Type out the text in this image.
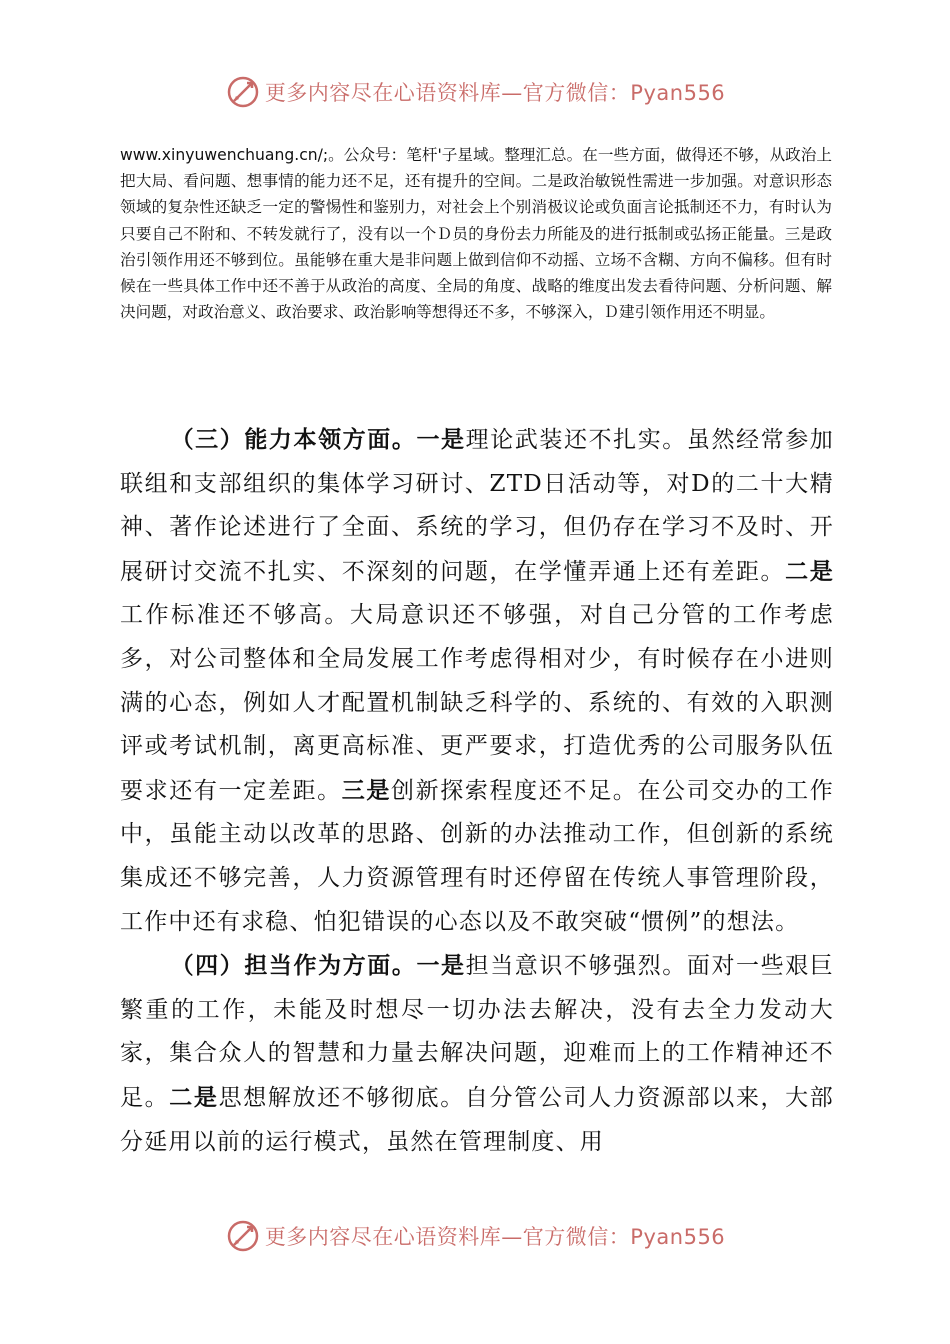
更多内容尽在心语资料库—官方微信：Pyan556
www.xinyuwenchuang.cn/;。公众号：笔杆'子星域。整理汇总。在一些方面，做得还不够，从政治上把大局、看问题、想事情的能力还不足，还有提升的空间。二是政治敏锐性需进一步加强。对意识形态领域的复杂性还缺乏一定的警惕性和鉴别力，对社会上个别消极议论或负面言论抵制还不力，有时认为只要自己不附和、不转发就行了，没有以一个Ｄ员的身份去力所能及的进行抵制或弘扬正能量。三是政治引领作用还不够到位。虽能够在重大是非问题上做到信仰不动摇、立场不含糊、方向不偏移。但有时候在一些具体工作中还不善于从政治的高度、全局的角度、战略的维度出发去看待问题、分析问题、解决问题，对政治意义、政治要求、政治影响等想得还不多，不够深入，Ｄ建引领作用还不明显。

（三）能力本领方面。一是理论武装还不扎实。虽然经常参加联组和支部组织的集体学习研讨、ZTD日活动等，对D的二十大精神、著作论述进行了全面、系统的学习，但仍存在学习不及时、开展研讨交流不扎实、不深刻的问题，在学懂弄通上还有差距。二是工作标准还不够高。大局意识还不够强，对自己分管的工作考虑多，对公司整体和全局发展工作考虑得相对少，有时候存在小进则满的心态，例如人才配置机制缺乏科学的、系统的、有效的入职测评或考试机制，离更高标准、更严要求，打造优秀的公司服务队伍要求还有一定差距。三是创新探索程度还不足。在公司交办的工作中，虽能主动以改革的思路、创新的办法推动工作，但创新的系统集成还不够完善，人力资源管理有时还停留在传统人事管理阶段，工作中还有求稳、怕犯错误的心态以及不敢突破“惯例”的想法。

（四）担当作为方面。一是担当意识不够强烈。面对一些艰巨繁重的工作，未能及时想尽一切办法去解决，没有去全力发动大家，集合众人的智慧和力量去解决问题，迎难而上的工作精神还不足。二是思想解放还不够彻底。自分管公司人力资源部以来，大部分延用以前的运行模式，虽然在管理制度、用

更多内容尽在心语资料库—官方微信：Pyan556
